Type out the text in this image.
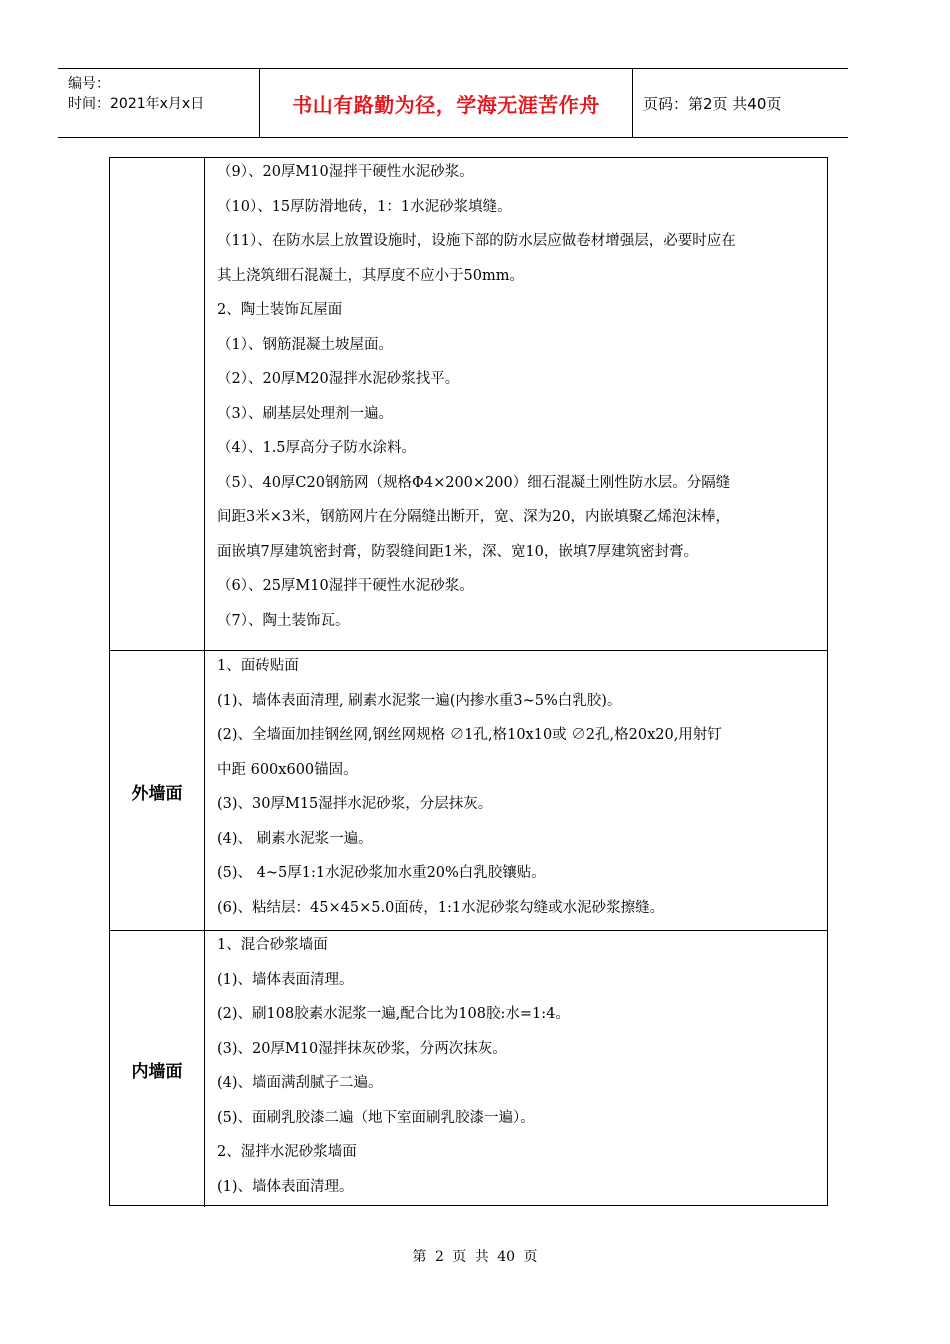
编号：
时间：2021年x月x日	书山有路勤为径，学海无涯苦作舟	页码：第2页 共40页

（9）、20厚M10湿拌干硬性水泥砂浆。

（10）、15厚防滑地砖，1：1水泥砂浆填缝。

（11）、在防水层上放置设施时，设施下部的防水层应做卷材增强层，必要时应在

其上浇筑细石混凝土，其厚度不应小于50mm。

2、陶土装饰瓦屋面

（1）、钢筋混凝土坡屋面。

（2）、20厚M20湿拌水泥砂浆找平。

（3）、刷基层处理剂一遍。

（4）、1.5厚高分子防水涂料。

（5）、40厚C20钢筋网（规格Φ4×200×200）细石混凝土刚性防水层。分隔缝

间距3米×3米，钢筋网片在分隔缝出断开，宽、深为20，内嵌填聚乙烯泡沫棒，

面嵌填7厚建筑密封膏，防裂缝间距1米，深、宽10，嵌填7厚建筑密封膏。

（6）、25厚M10湿拌干硬性水泥砂浆。

（7）、陶土装饰瓦。

外墙面

1、面砖贴面

(1)、墙体表面清理, 刷素水泥浆一遍(内掺水重3~5%白乳胶)。

(2)、全墙面加挂钢丝网,钢丝网规格 ∅1孔,格10x10或 ∅2孔,格20x20,用射钉

中距 600x600锚固。

(3)、30厚M15湿拌水泥砂浆，分层抹灰。

(4)、 刷素水泥浆一遍。

(5)、 4~5厚1:1水泥砂浆加水重20%白乳胶镶贴。

(6)、粘结层：45×45×5.0面砖，1:1水泥砂浆勾缝或水泥砂浆擦缝。

内墙面

1、混合砂浆墙面

(1)、墙体表面清理。

(2)、刷108胶素水泥浆一遍,配合比为108胶:水=1:4。

(3)、20厚M10湿拌抹灰砂浆，分两次抹灰。

(4)、墙面满刮腻子二遍。

(5)、面刷乳胶漆二遍（地下室面刷乳胶漆一遍）。

2、湿拌水泥砂浆墙面

(1)、墙体表面清理。

第 2 页 共 40 页
